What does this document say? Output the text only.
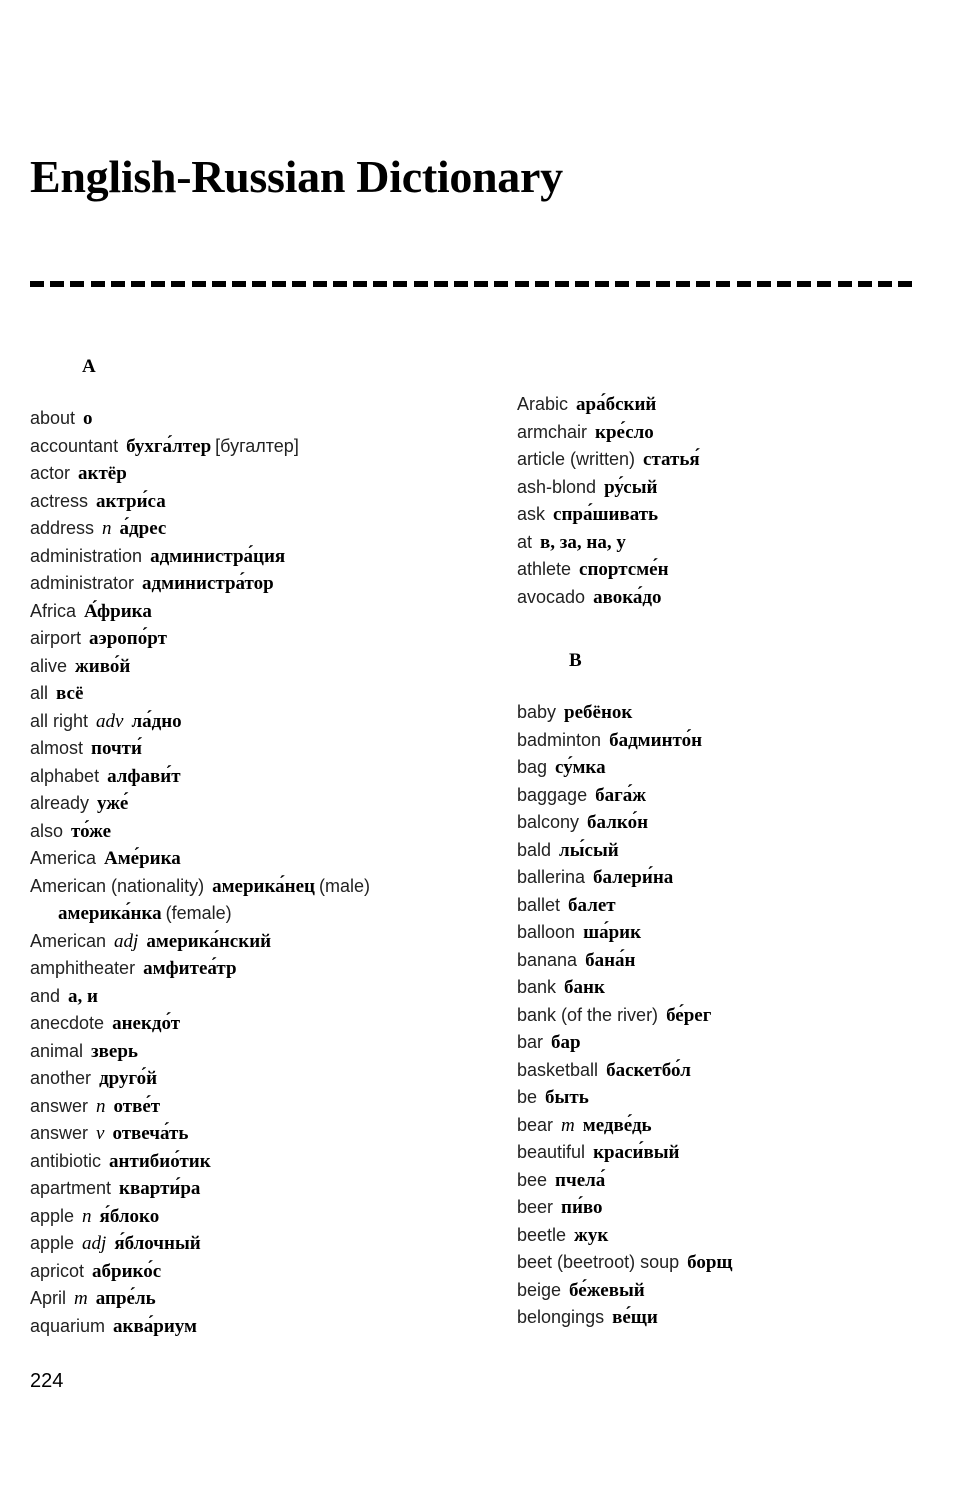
English-Russian Dictionary
A
about о
accountant бухга́лтер [бугалтер]
actor актёр
actress актри́са
address n а́дрес
administration администра́ция
administrator администра́тор
Africa А́фрика
airport аэропо́рт
alive живо́й
all всё
all right adv ла́дно
almost почти́
alphabet алфави́т
already уже́
also то́же
America Аме́рика
American (nationality) америка́нец (male)
америка́нка (female)
American adj америка́нский
amphitheater амфитеа́тр
and а, и
anecdote анекдо́т
animal зверь
another друго́й
answer n отве́т
answer v отвеча́ть
antibiotic антибио́тик
apartment кварти́ра
apple n я́блоко
apple adj я́блочный
apricot абрико́с
April m апре́ль
aquarium аква́риум
Arabic ара́бский
armchair кре́сло
article (written) статья́
ash-blond ру́сый
ask спра́шивать
at в, за, на, у
athlete спортсме́н
avocado авока́до
B
baby ребёнок
badminton бадминто́н
bag су́мка
baggage бага́ж
balcony балко́н
bald лы́сый
ballerina балери́на
ballet балет
balloon ша́рик
banana бана́н
bank банк
bank (of the river) бе́рег
bar бар
basketball баскетбо́л
be быть
bear m медве́дь
beautiful краси́вый
bee пчела́
beer пи́во
beetle жук
beet (beetroot) soup борщ
beige бе́жевый
belongings ве́щи
224
